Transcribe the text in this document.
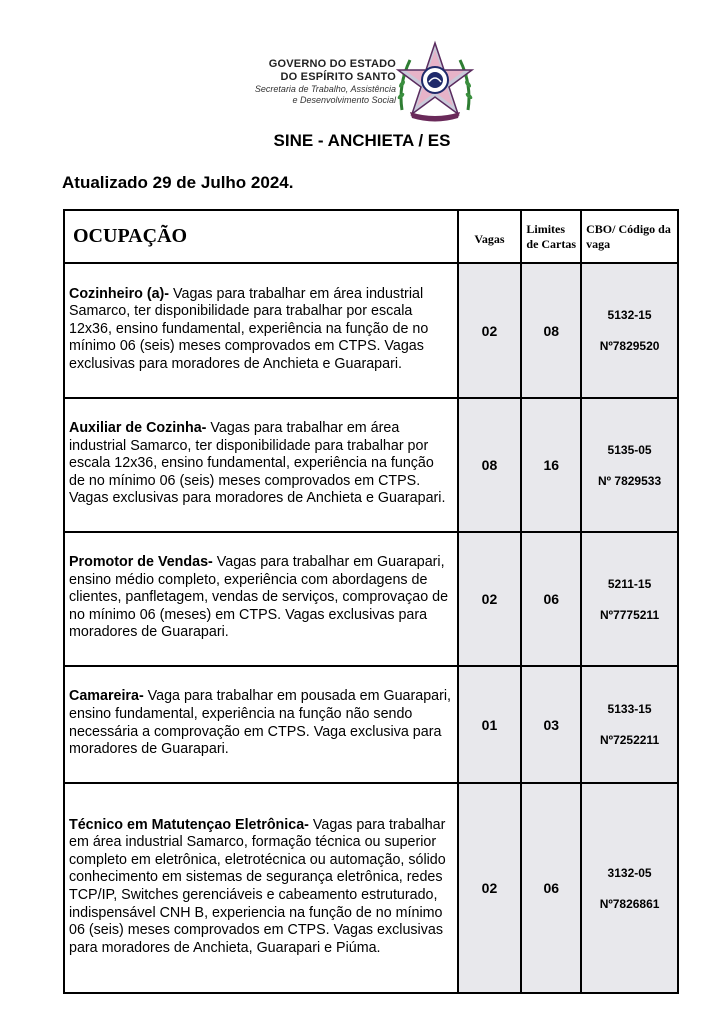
GOVERNO DO ESTADO
DO ESPÍRITO SANTO
Secretaria de Trabalho, Assistência
e Desenvolvimento Social
SINE - ANCHIETA / ES
Atualizado 29 de Julho 2024.
OCUPAÇÃO	Vagas	Limites de Cartas	CBO/ Código da vaga
Cozinheiro (a)- Vagas para trabalhar em área industrial Samarco, ter disponibilidade para trabalhar por escala 12x36, ensino fundamental, experiência na função de no mínimo 06 (seis) meses comprovados em CTPS. Vagas exclusivas para moradores de Anchieta e Guarapari.	02	08	5132-15
Nº7829520

Auxiliar de Cozinha- Vagas para trabalhar em área industrial Samarco, ter disponibilidade para trabalhar por escala 12x36, ensino fundamental, experiência na função de no mínimo 06 (seis) meses comprovados em CTPS. Vagas exclusivas para moradores de Anchieta e Guarapari.	08	16	5135-05
Nº 7829533

Promotor de Vendas- Vagas para trabalhar em Guarapari, ensino médio completo, experiência com abordagens de clientes, panfletagem, vendas de serviços, comprovaçao de no mínimo 06 (meses) em CTPS. Vagas exclusivas para moradores de Guarapari.	02	06	5211-15
Nº7775211

Camareira- Vaga para trabalhar em pousada em Guarapari, ensino fundamental, experiência na função não sendo necessária a comprovação em CTPS. Vaga exclusiva para moradores de Guarapari.	01	03	5133-15
Nº7252211

Técnico em Matutençao Eletrônica- Vagas para trabalhar em área industrial Samarco, formação técnica ou superior completo em eletrônica, eletrotécnica ou automação, sólido conhecimento em sistemas de segurança eletrônica, redes TCP/IP, Switches gerenciáveis e cabeamento estruturado, indispensável CNH B, experiencia na função de no mínimo 06 (seis) meses comprovados em CTPS. Vagas exclusivas para moradores de Anchieta, Guarapari e Piúma.	02	06	3132-05
Nº7826861
